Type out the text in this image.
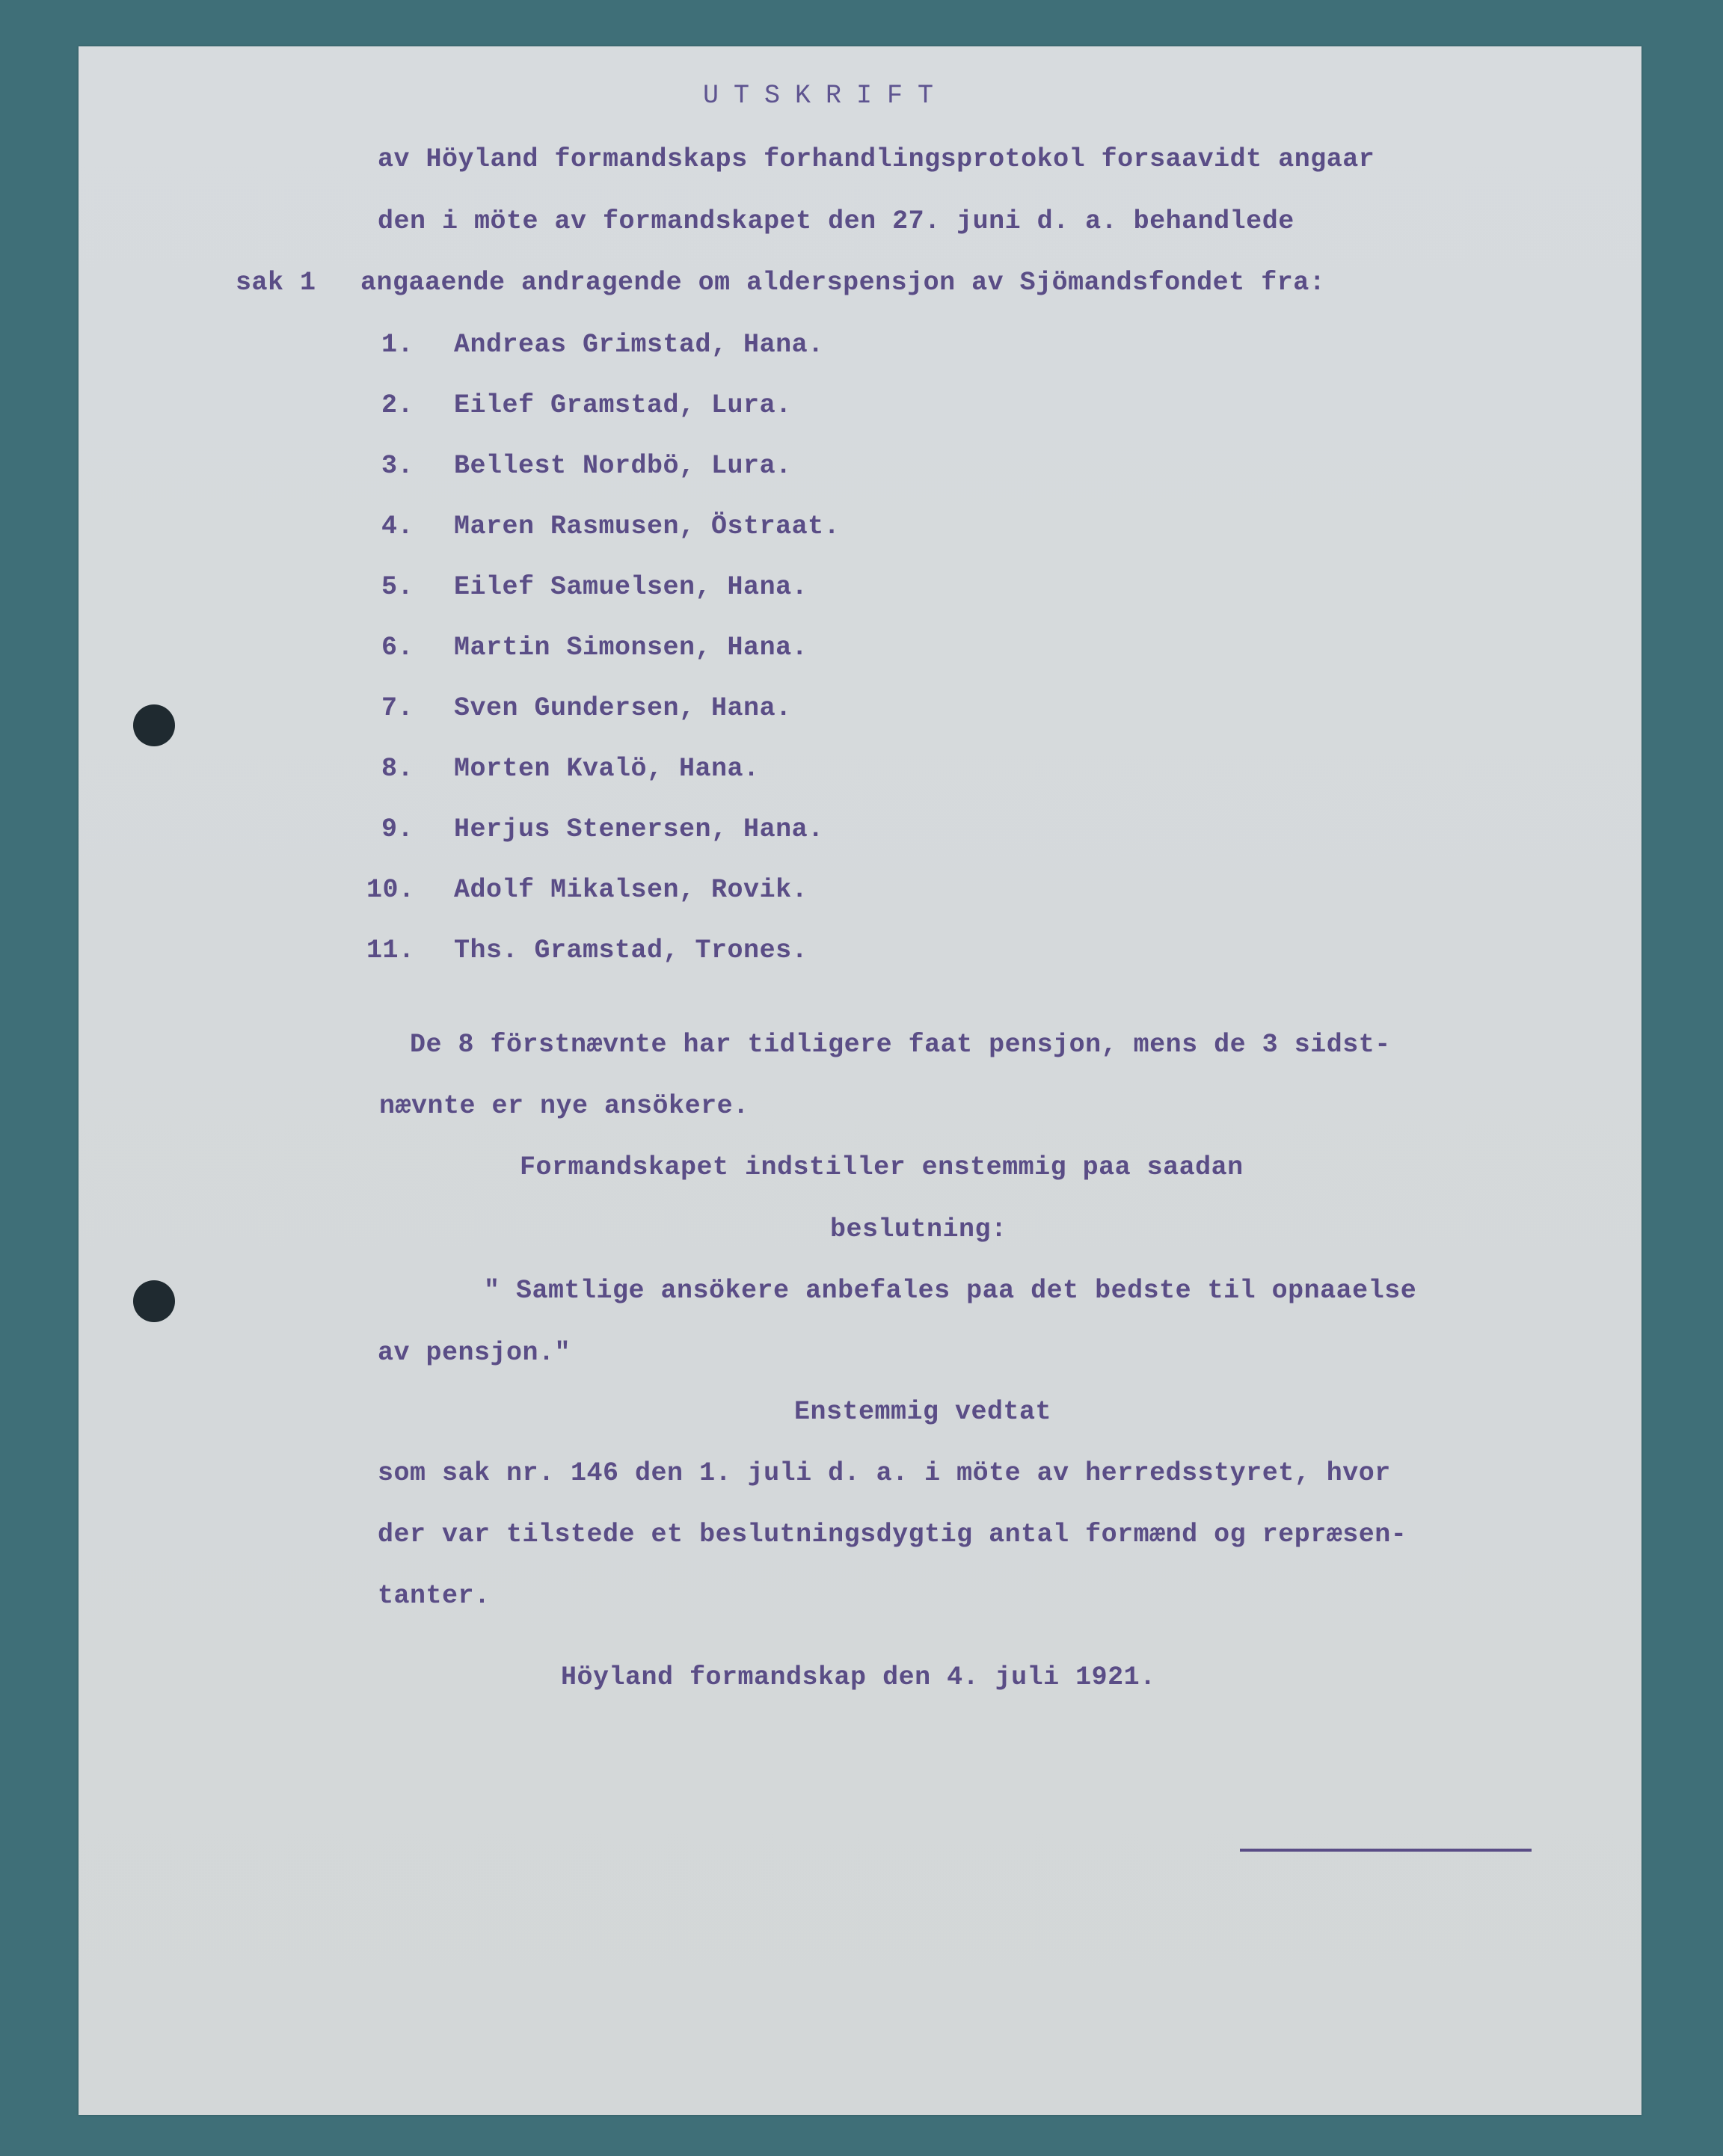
UTSKRIFT

av Höyland formandskaps forhandlingsprotokol forsaavidt angaar

den i möte av formandskapet den 27. juni d. a. behandlede

sak 1 angaaende andragende om alderspensjon av Sjömandsfondet fra:

1. Andreas Grimstad, Hana.

2. Eilef Gramstad, Lura.

3. Bellest Nordbö, Lura.

4. Maren Rasmusen, Östraat.

5. Eilef Samuelsen, Hana.

6. Martin Simonsen, Hana.

7. Sven Gundersen, Hana.

8. Morten Kvalö, Hana.

9. Herjus Stenersen, Hana.

10. Adolf Mikalsen, Rovik.

11. Ths. Gramstad, Trones.

De 8 förstnævnte har tidligere faat pensjon, mens de 3 sidst-

nævnte er nye ansökere.

Formandskapet indstiller enstemmig paa saadan

beslutning:

" Samtlige ansökere anbefales paa det bedste til opnaaelse

av pensjon."

Enstemmig vedtat

som sak nr. 146 den 1. juli d. a. i möte av herredsstyret, hvor

der var tilstede et beslutningsdygtig antal formænd og repræsen-

tanter.

Höyland formandskap den 4. juli 1921.
